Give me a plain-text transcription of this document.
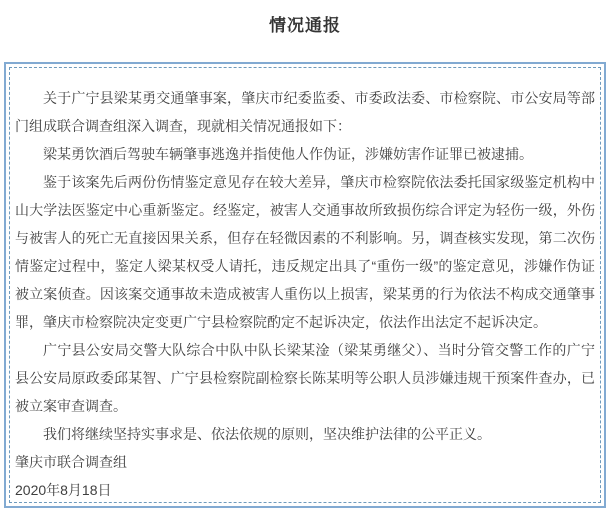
情况通报

关于广宁县梁某勇交通肇事案，肇庆市纪委监委、市委政法委、市检察院、市公安局等部门组成联合调查组深入调查，现就相关情况通报如下：

梁某勇饮酒后驾驶车辆肇事逃逸并指使他人作伪证，涉嫌妨害作证罪已被逮捕。

鉴于该案先后两份伤情鉴定意见存在较大差异，肇庆市检察院依法委托国家级鉴定机构中山大学法医鉴定中心重新鉴定。经鉴定，被害人交通事故所致损伤综合评定为轻伤一级，外伤与被害人的死亡无直接因果关系，但存在轻微因素的不利影响。另，调查核实发现，第二次伤情鉴定过程中，鉴定人梁某权受人请托，违反规定出具了“重伤一级”的鉴定意见，涉嫌作伪证被立案侦查。因该案交通事故未造成被害人重伤以上损害，梁某勇的行为依法不构成交通肇事罪，肇庆市检察院决定变更广宁县检察院酌定不起诉决定，依法作出法定不起诉决定。

广宁县公安局交警大队综合中队中队长梁某淦（梁某勇继父）、当时分管交警工作的广宁县公安局原政委邱某智、广宁县检察院副检察长陈某明等公职人员涉嫌违规干预案件查办，已被立案审查调查。

我们将继续坚持实事求是、依法依规的原则，坚决维护法律的公平正义。

肇庆市联合调查组

2020年8月18日
